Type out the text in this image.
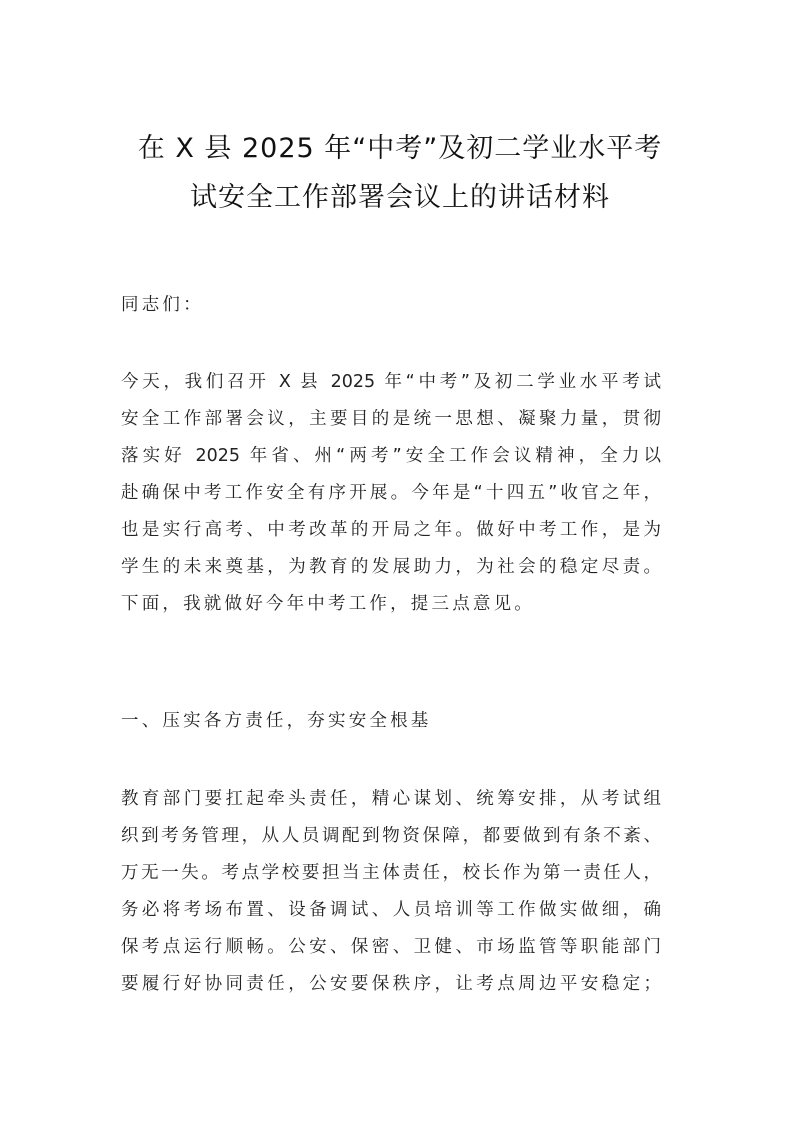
在 X 县 2025 年“中考”及初二学业水平考
试安全工作部署会议上的讲话材料
同志们：
今天，我们召开 X 县 2025 年“中考”及初二学业水平考试
安全工作部署会议，主要目的是统一思想、凝聚力量，贯彻
落实好 2025 年省、州“两考”安全工作会议精神，全力以
赴确保中考工作安全有序开展。今年是“十四五”收官之年，
也是实行高考、中考改革的开局之年。做好中考工作，是为
学生的未来奠基，为教育的发展助力，为社会的稳定尽责。
下面，我就做好今年中考工作，提三点意见。
一、压实各方责任，夯实安全根基
教育部门要扛起牵头责任，精心谋划、统筹安排，从考试组
织到考务管理，从人员调配到物资保障，都要做到有条不紊、
万无一失。考点学校要担当主体责任，校长作为第一责任人，
务必将考场布置、设备调试、人员培训等工作做实做细，确
保考点运行顺畅。公安、保密、卫健、市场监管等职能部门
要履行好协同责任，公安要保秩序，让考点周边平安稳定；
